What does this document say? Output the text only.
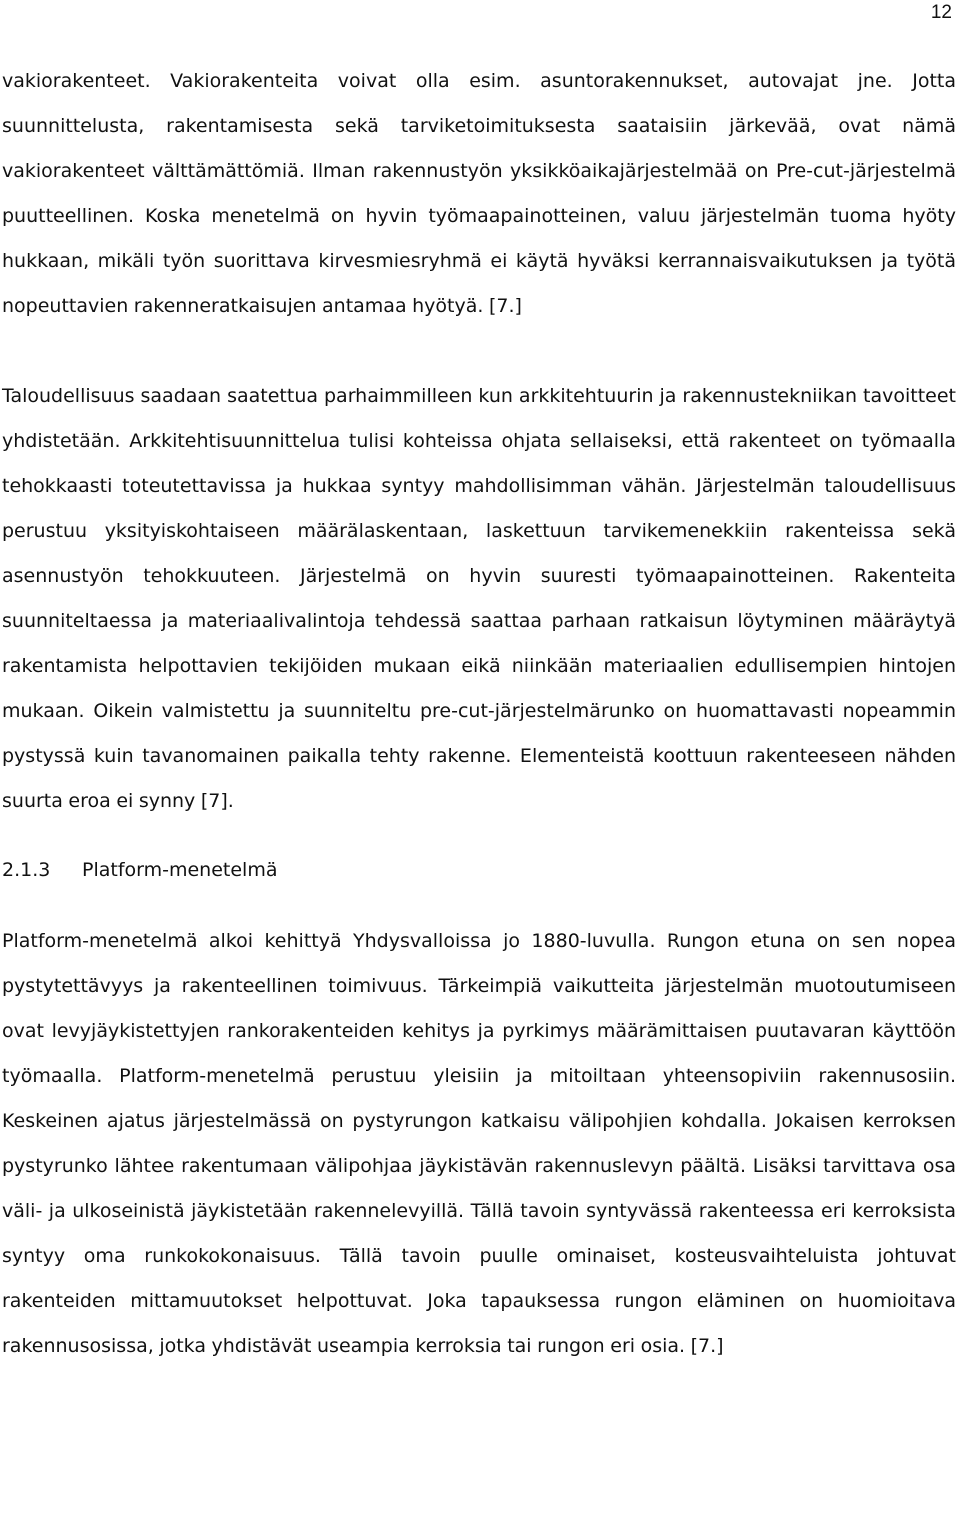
12

vakiorakenteet. Vakiorakenteita voivat olla esim. asuntorakennukset, autovajat jne. Jotta suunnittelusta, rakentamisesta sekä tarviketoimituksesta saataisiin järkevää, ovat nämä vakiorakenteet välttämättömiä. Ilman rakennustyön yksikköaikajärjestelmää on Pre-cut-järjestelmä puutteellinen. Koska menetelmä on hyvin työmaapainotteinen, valuu järjestelmän tuoma hyöty hukkaan, mikäli työn suorittava kirvesmiesryhmä ei käytä hyväksi kerrannaisvaikutuksen ja työtä nopeuttavien rakenneratkaisujen antamaa hyötyä. [7.]

Taloudellisuus saadaan saatettua parhaimmilleen kun arkkitehtuurin ja rakennustekniikan tavoitteet yhdistetään. Arkkitehtisuunnittelua tulisi kohteissa ohjata sellaiseksi, että rakenteet on työmaalla tehokkaasti toteutettavissa ja hukkaa syntyy mahdollisimman vähän. Järjestelmän taloudellisuus perustuu yksityiskohtaiseen määrälaskentaan, laskettuun tarvikemenekkiin rakenteissa sekä asennustyön tehokkuuteen. Järjestelmä on hyvin suuresti työmaapainotteinen. Rakenteita suunniteltaessa ja materiaalivalintoja tehdessä saattaa parhaan ratkaisun löytyminen määräytyä rakentamista helpottavien tekijöiden mukaan eikä niinkään materiaalien edullisempien hintojen mukaan. Oikein valmistettu ja suunniteltu pre-cut-järjestelmärunko on huomattavasti nopeammin pystyssä kuin tavanomainen paikalla tehty rakenne. Elementeistä koottuun rakenteeseen nähden suurta eroa ei synny [7].

2.1.3 Platform-menetelmä

Platform-menetelmä alkoi kehittyä Yhdysvalloissa jo 1880-luvulla. Rungon etuna on sen nopea pystytettävyys ja rakenteellinen toimivuus. Tärkeimpiä vaikutteita järjestelmän muotoutumiseen ovat levyjäykistettyjen rankorakenteiden kehitys ja pyrkimys määrämittaisen puutavaran käyttöön työmaalla. Platform-menetelmä perustuu yleisiin ja mitoiltaan yhteensopiviin rakennusosiin. Keskeinen ajatus järjestelmässä on pystyrungon katkaisu välipohjien kohdalla. Jokaisen kerroksen pystyrunko lähtee rakentumaan välipohjaa jäykistävän rakennuslevyn päältä. Lisäksi tarvittava osa väli- ja ulkoseinistä jäykistetään rakennelevyillä. Tällä tavoin syntyvässä rakenteessa eri kerroksista syntyy oma runkokokonaisuus. Tällä tavoin puulle ominaiset, kosteusvaihteluista johtuvat rakenteiden mittamuutokset helpottuvat. Joka tapauksessa rungon eläminen on huomioitava rakennusosissa, jotka yhdistävät useampia kerroksia tai rungon eri osia. [7.]
